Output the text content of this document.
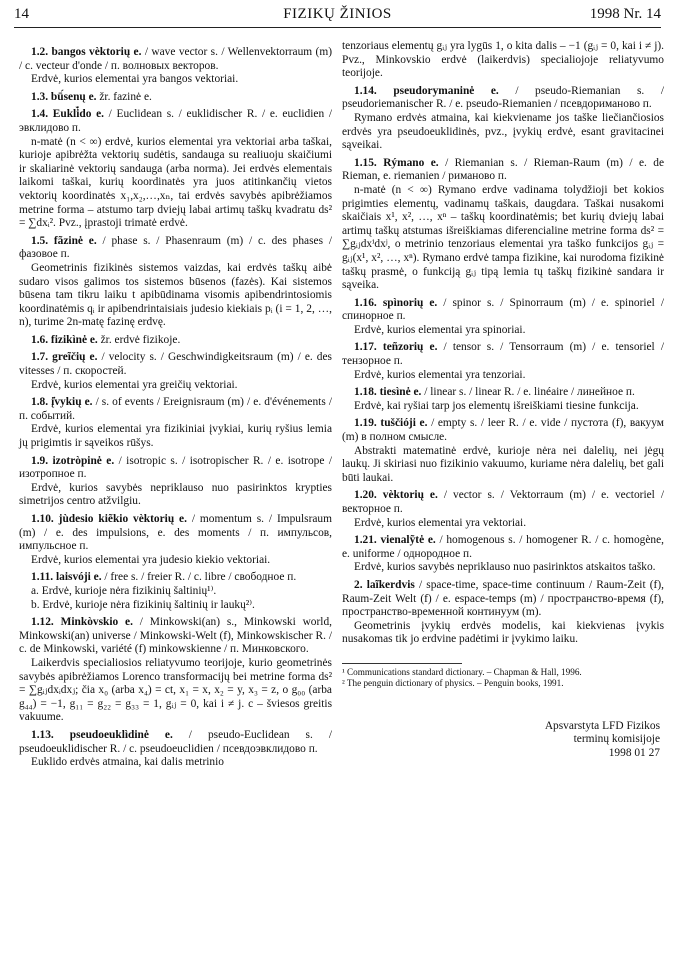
14	FIZIKŲ ŽINIOS	1998 Nr. 14

1.2. bangos vèktorių e. / wave vector s. / Wellenvektorraum (m) / c. vecteur d'onde / п. волновых векторов.

Erdvė, kurios elementai yra bangos vektoriai.

1.3. bū́senų e. žr. fazinė e.

1.4. Eukli̇̀do e. / Euclidean s. / euklidischer R. / e. euclidien / эвклидово п.

n-matė (n < ∞) erdvė, kurios elementai yra vektoriai arba taškai, kurioje apibrėžta vektorių sudėtis, sandauga su realiuoju skaičiumi ir skaliarinė vektorių sandauga (arba norma). Jei erdvės elementais laikomi taškai, kurių koordinatės yra juos atitinkančių vietos vektorių koordinatės x₁,x₂,…,xₙ, tai erdvės savybės apibrėžiamos metrine forma – atstumo tarp dviejų labai artimų taškų kvadratu ds² = ∑dxᵢ². Pvz., įprastoji trimatė erdvė.

1.5. fãzinė e. / phase s. / Phasenraum (m) / c. des phases / фазовое п.

Geometrinis fizikinės sistemos vaizdas, kai erdvės taškų aibė sudaro visos galimos tos sistemos būsenos (fazės). Kai sistemos būsena tam tikru laiku t apibūdinama visomis apibendrintosiomis koordinatėmis qᵢ ir apibendrintaisiais judesio kiekiais pᵢ (i = 1, 2, …, n), turime 2n-matę fazinę erdvę.

1.6. fizikìnė e. žr. erdvė fizikoje.

1.7. greĩčių e. / velocity s. / Geschwindigkeitsraum (m) / e. des vitesses / п. скоростей.

Erdvė, kurios elementai yra greičių vektoriai.

1.8. į̇vykių e. / s. of events / Ereignisraum (m) / e. d'événements / п. событий.

Erdvė, kurios elementai yra fizikiniai įvykiai, kurių ryšius lemia jų prigimtis ir sąveikos rūšys.

1.9. izotròpinė e. / isotropic s. / isotropischer R. / e. isotrope / изотропное п.

Erdvė, kurios savybės nepriklauso nuo pasirinktos krypties simetrijos centro atžvilgiu.

1.10. jùdesio kiẽkio vèktorių e. / momentum s. / Impulsraum (m) / e. des impulsions, e. des moments / п. импульсов, импульсное п.

Erdvė, kurios elementai yra judesio kiekio vektoriai.

1.11. laisvóji e. / free s. / freier R. / c. libre / свободное п.

a. Erdvė, kurioje nėra fizikinių šaltinių¹⁾.

b. Erdvė, kurioje nėra fizikinių šaltinių ir laukų²⁾.

1.12. Minkòvskio e. / Minkowski(an) s., Minkowski world, Minkowski(an) universe / Minkowski-Welt (f), Minkowskischer R. / c. de Minkowski, variété (f) minkowskienne / п. Минковского.

Laikerdvis specialiosios reliatyvumo teorijoje, kurio geometrinės savybės apibrėžiamos Lorenco transformacijų bei metrine forma ds² = ∑gᵢⱼdxᵢdxⱼ; čia x₀ (arba x₄) = ct, x₁ = x, x₂ = y, x₃ = z, o g₀₀ (arba g₄₄) = −1, g₁₁ = g₂₂ = g₃₃ = 1, gᵢⱼ = 0, kai i ≠ j. c – šviesos greitis vakuume.

1.13. pseudoeuklìdinė e. / pseudo-Euclidean s. / pseudoeuklidischer R. / c. pseudoeuclidien / псевдоэвклидово п.

Euklido erdvės atmaina, kai dalis metrinio

tenzoriaus elementų gᵢⱼ yra lygūs 1, o kita dalis – −1 (gᵢⱼ = 0, kai i ≠ j). Pvz., Minkovskio erdvė (laikerdvis) specialiojoje reliatyvumo teorijoje.

1.14. pseudorymaninė e. / pseudo-Riemanian s. / pseudoriemanischer R. / e. pseudo-Riemanien / псевдориманово п.

Rymano erdvės atmaina, kai kiekviename jos taške liečiančiosios erdvės yra pseudoeuklidinės, pvz., įvykių erdvė, esant gravitacinei sąveikai.

1.15. Rýmano e. / Riemanian s. / Rieman-Raum (m) / e. de Rieman, e. riemanien / риманово п.

n-matė (n < ∞) Rymano erdve vadinama tolydžioji bet kokios prigimties elementų, vadinamų taškais, daugdara. Taškai nusakomi skaičiais x¹, x², …, xⁿ – taškų koordinatėmis; bet kurių dviejų labai artimų taškų atstumas išreiškiamas diferencialine metrine forma ds² = ∑gᵢⱼdxⁱdxʲ, o metrinio tenzoriaus elementai yra taško funkcijos gᵢⱼ = gᵢⱼ(x¹, x², …, xⁿ). Rymano erdvė tampa fizikine, kai nurodoma fizikinė taškų prasmė, o funkciją gᵢⱼ tipą lemia tų taškų fizikinė sandara ir sąveika.

1.16. spìnorių e. / spinor s. / Spinorraum (m) / e. spinoriel / спинорное п.

Erdvė, kurios elementai yra spinoriai.

1.17. teñzorių e. / tensor s. / Tensorraum (m) / e. tensoriel / тензорное п.

Erdvė, kurios elementai yra tenzoriai.

1.18. tiesìnė e. / linear s. / linear R. / e. linéaire / линейное п.

Erdvė, kai ryšiai tarp jos elementų išreiškiami tiesine funkcija.

1.19. tuščióji e. / empty s. / leer R. / e. vide / пустота (f), вакуум (m) в полном смысле.

Abstrakti matematinė erdvė, kurioje nėra nei dalelių, nei jėgų laukų. Ji skiriasi nuo fizikinio vakuumo, kuriame nėra dalelių, bet gali būti laukai.

1.20. vèktorių e. / vector s. / Vektorraum (m) / e. vectoriel / векторное п.

Erdvė, kurios elementai yra vektoriai.

1.21. vienalỹtė e. / homogenous s. / homogener R. / c. homogène, e. uniforme / однородное п.

Erdvė, kurios savybės nepriklauso nuo pasirinktos atskaitos taško.

2. laĩkerdvis / space-time, space-time continuum / Raum-Zeit (f), Raum-Zeit Welt (f) / e. espace-temps (m) / пространство-время (f), пространство-временной континуум (m).

Geometrinis įvykių erdvės modelis, kai kiekvienas įvykis nusakomas tik jo erdvine padėtimi ir įvykimo laiku.

¹ Communications standard dictionary. – Chapman & Hall, 1996.

² The penguin dictionary of physics. – Penguin books, 1991.

Apsvarstyta LFD Fizikos
terminų komisijoje
1998 01 27
